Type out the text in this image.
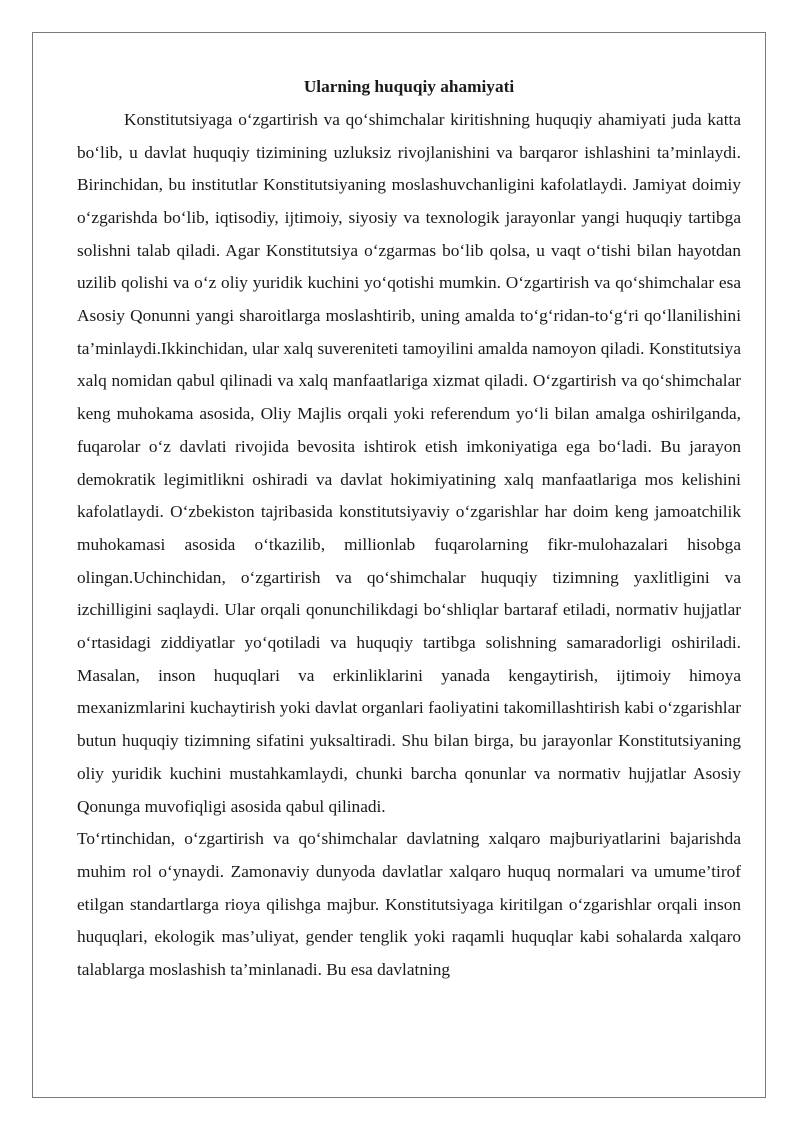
Ularning huquqiy ahamiyati

Konstitutsiyaga o‘zgartirish va qo‘shimchalar kiritishning huquqiy ahamiyati juda katta bo‘lib, u davlat huquqiy tizimining uzluksiz rivojlanishini va barqaror ishlashini ta’minlaydi. Birinchidan, bu institutlar Konstitutsiyaning moslashuvchanligini kafolatlaydi. Jamiyat doimiy o‘zgarishda bo‘lib, iqtisodiy, ijtimoiy, siyosiy va texnologik jarayonlar yangi huquqiy tartibga solishni talab qiladi. Agar Konstitutsiya o‘zgarmas bo‘lib qolsa, u vaqt o‘tishi bilan hayotdan uzilib qolishi va o‘z oliy yuridik kuchini yo‘qotishi mumkin. O‘zgartirish va qo‘shimchalar esa Asosiy Qonunni yangi sharoitlarga moslashtirib, uning amalda to‘g‘ridan-to‘g‘ri qo‘llanilishini ta’minlaydi.Ikkinchidan, ular xalq suvereniteti tamoyilini amalda namoyon qiladi. Konstitutsiya xalq nomidan qabul qilinadi va xalq manfaatlariga xizmat qiladi. O‘zgartirish va qo‘shimchalar keng muhokama asosida, Oliy Majlis orqali yoki referendum yo‘li bilan amalga oshirilganda, fuqarolar o‘z davlati rivojida bevosita ishtirok etish imkoniyatiga ega bo‘ladi. Bu jarayon demokratik legimitlikni oshiradi va davlat hokimiyatining xalq manfaatlariga mos kelishini kafolatlaydi. O‘zbekiston tajribasida konstitutsiyaviy o‘zgarishlar har doim keng jamoatchilik muhokamasi asosida o‘tkazilib, millionlab fuqarolarning fikr-mulohazalari hisobga olingan.Uchinchidan, o‘zgartirish va qo‘shimchalar huquqiy tizimning yaxlitligini va izchilligini saqlaydi. Ular orqali qonunchilikdagi bo‘shliqlar bartaraf etiladi, normativ hujjatlar o‘rtasidagi ziddiyatlar yo‘qotiladi va huquqiy tartibga solishning samaradorligi oshiriladi. Masalan, inson huquqlari va erkinliklarini yanada kengaytirish, ijtimoiy himoya mexanizmlarini kuchaytirish yoki davlat organlari faoliyatini takomillashtirish kabi o‘zgarishlar butun huquqiy tizimning sifatini yuksaltiradi. Shu bilan birga, bu jarayonlar Konstitutsiyaning oliy yuridik kuchini mustahkamlaydi, chunki barcha qonunlar va normativ hujjatlar Asosiy Qonunga muvofiqligi asosida qabul qilinadi.

To‘rtinchidan, o‘zgartirish va qo‘shimchalar davlatning xalqaro majburiyatlarini bajarishda muhim rol o‘ynaydi. Zamonaviy dunyoda davlatlar xalqaro huquq normalari va umume’tirof etilgan standartlarga rioya qilishga majbur. Konstitutsiyaga kiritilgan o‘zgarishlar orqali inson huquqlari, ekologik mas’uliyat, gender tenglik yoki raqamli huquqlar kabi sohalarda xalqaro talablarga moslashish ta’minlanadi. Bu esa davlatning
